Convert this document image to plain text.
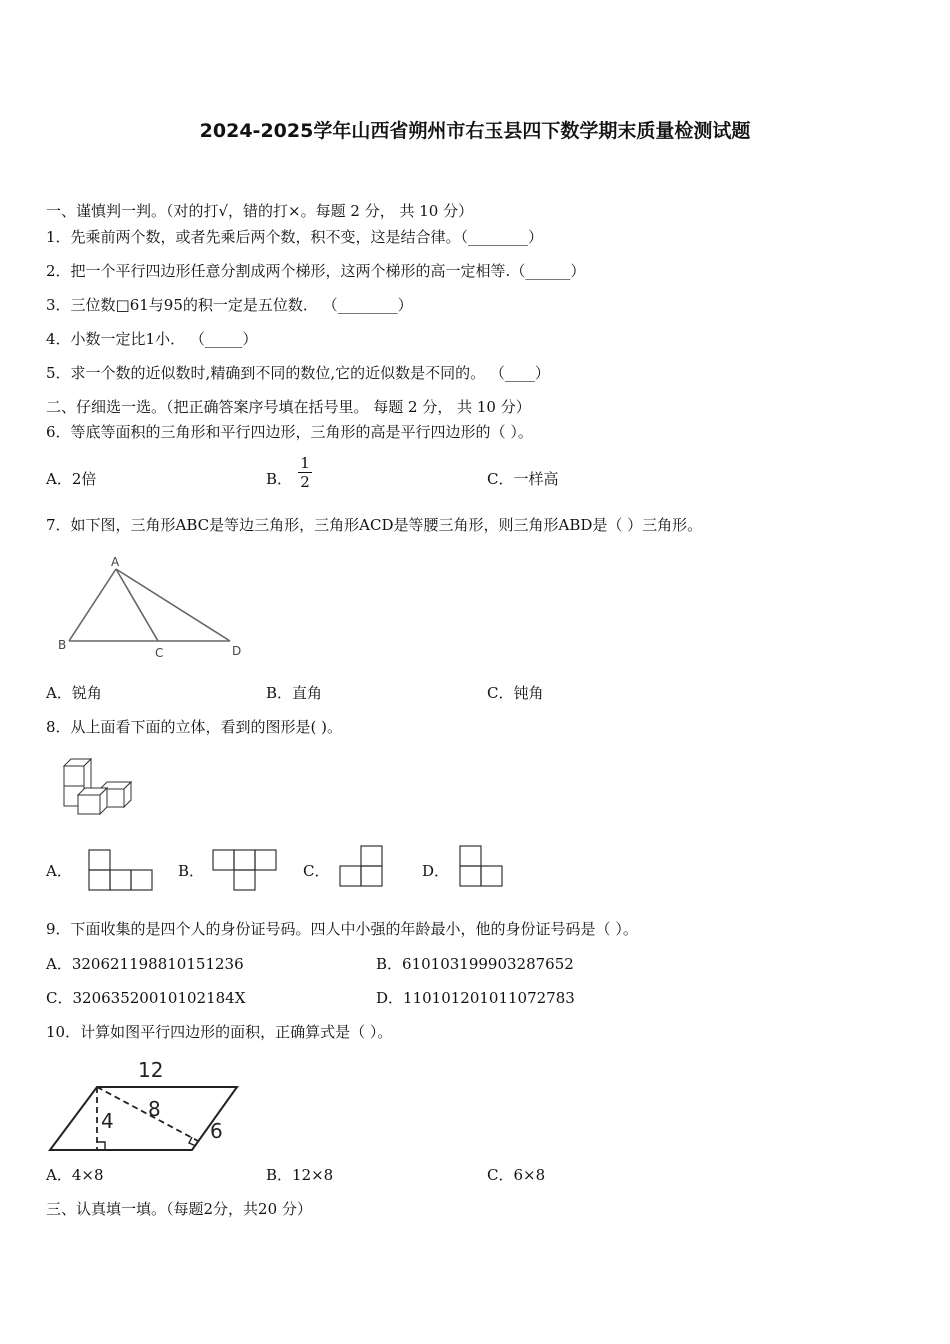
2024-2025学年山西省朔州市右玉县四下数学期末质量检测试题
一、谨慎判一判。（对的打√，错的打×。每题 2 分， 共 10 分）
1．先乘前两个数，或者先乘后两个数，积不变，这是结合律。（________）
2．把一个平行四边形任意分割成两个梯形，这两个梯形的高一定相等.（______）
3．三位数□61与95的积一定是五位数． （________）
4．小数一定比1小． （_____）
5．求一个数的近似数时,精确到不同的数位,它的近似数是不同的。 （____）
二、仔细选一选。（把正确答案序号填在括号里。 每题 2 分， 共 10 分）
6．等底等面积的三角形和平行四边形，三角形的高是平行四边形的（ ）。
A．2倍	B．
1
2	C．一样高
7．如下图，三角形ABC是等边三角形，三角形ACD是等腰三角形，则三角形ABD是（ ）三角形。
A
B
C	D
A．锐角	B．直角	C．钝角
8．从上面看下面的立体，看到的图形是( )。
A．	B．	C．	D．
9．下面收集的是四个人的身份证号码。四人中小强的年龄最小，他的身份证号码是（ ）。
A．320621198810151236	B．610103199903287652
C．32063520010102184X	D．110101201011072783
10．计算如图平行四边形的面积，正确算式是（ ）。
12
8
4	6
A．4×8	B．12×8	C．6×8
三、认真填一填。（每题2分，共20 分）
